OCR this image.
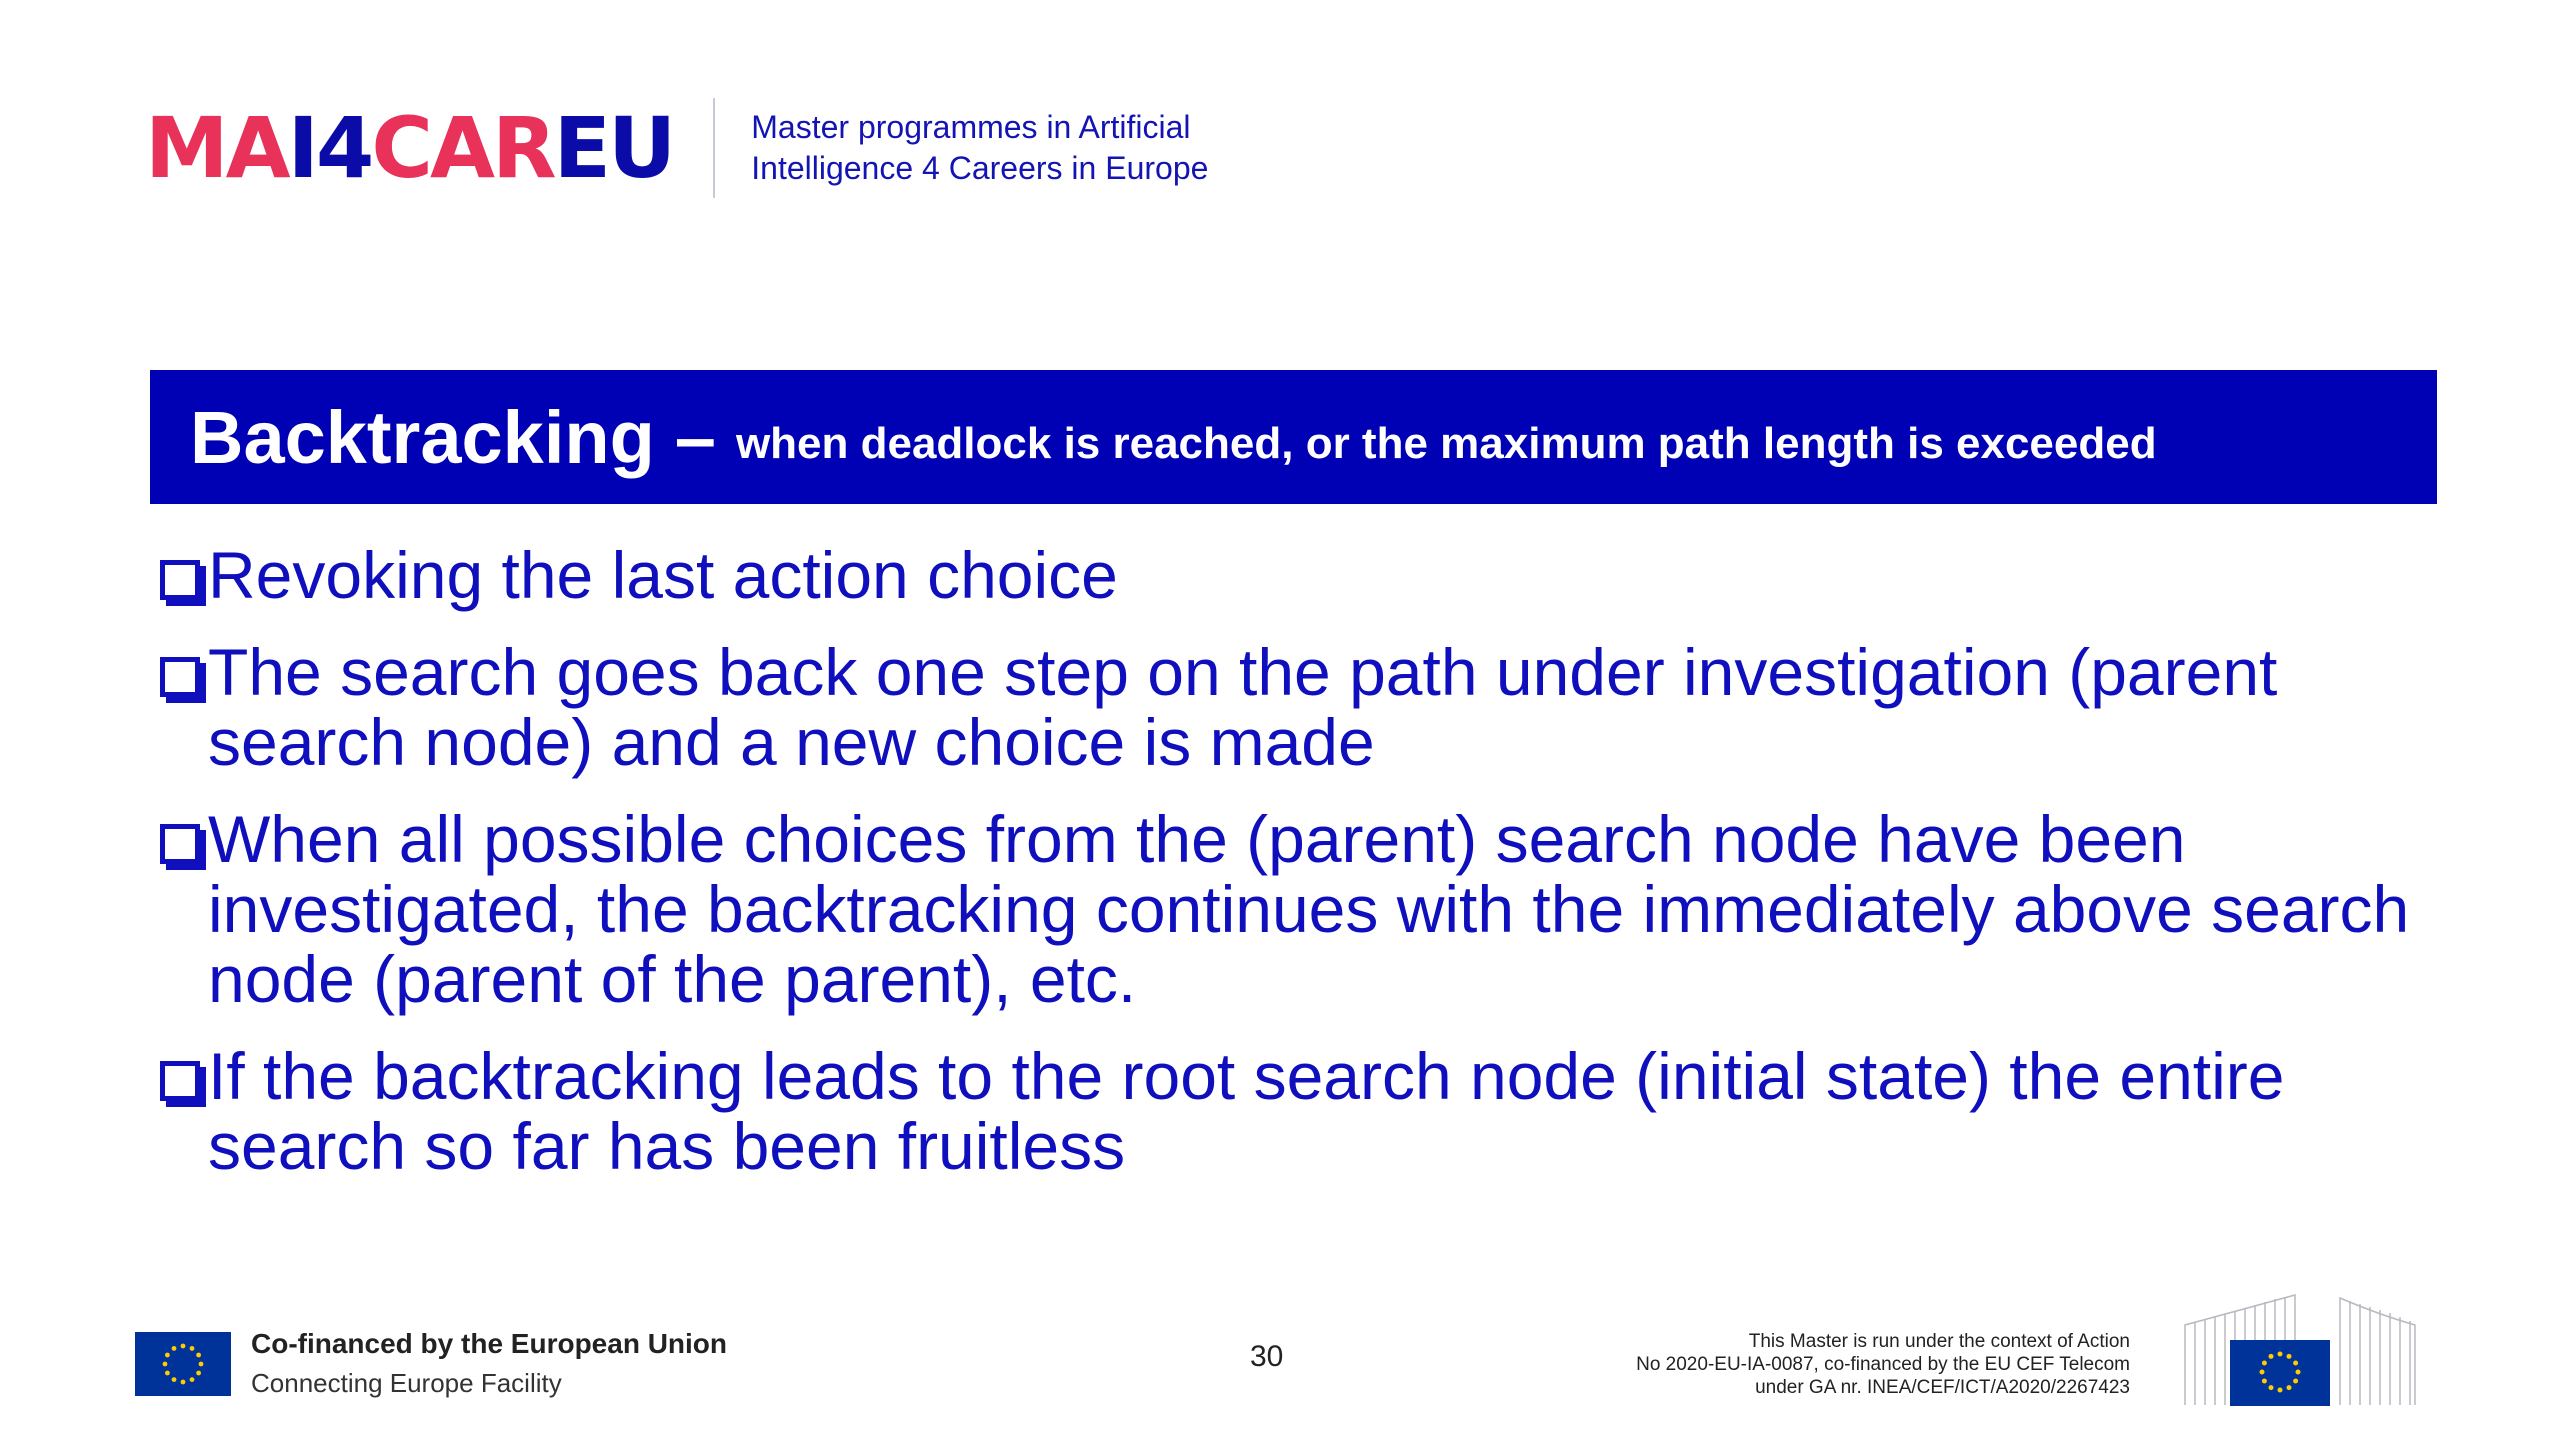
MAI4CAREU Master programmes in Artificial
Intelligence 4 Careers in Europe
Backtracking – when deadlock is reached, or the maximum path length is exceeded
Revoking the last action choice
The search goes back one step on the path under investigation (parent search node) and a new choice is made
When all possible choices from the (parent) search node have been investigated, the backtracking continues with the immediately above search node (parent of the parent), etc.
If the backtracking leads to the root search node (initial state) the entire search so far has been fruitless
Co-financed by the European Union
Connecting Europe Facility
30	This Master is run under the context of Action
No 2020-EU-IA-0087, co-financed by the EU CEF Telecom
under GA nr. INEA/CEF/ICT/A2020/2267423
